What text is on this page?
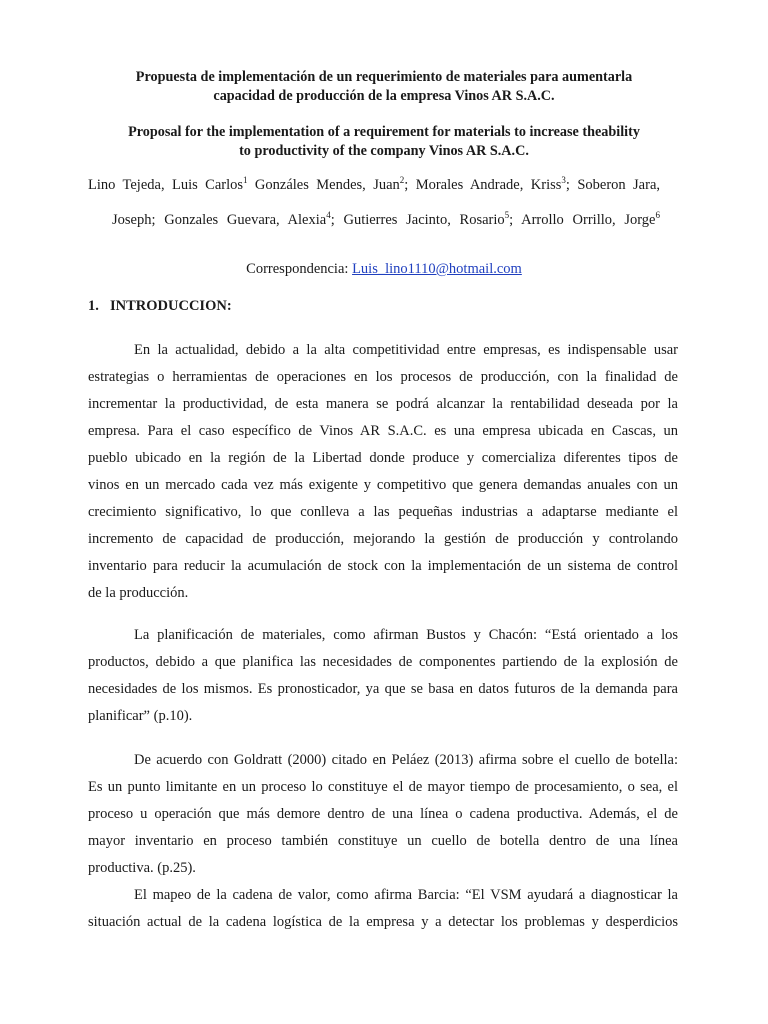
Propuesta de implementación de un requerimiento de materiales para aumentarla
capacidad de producción de la empresa Vinos AR S.A.C.
Proposal for the implementation of a requirement for materials to increase theability
to productivity of the company Vinos AR S.A.C.
Lino Tejeda, Luis Carlos$^1$ Gonzáles Mendes, Juan$^2$; Morales Andrade, Kriss$^3$; Soberon Jara,
Joseph; Gonzales Guevara, Alexia$^4$; Gutierres Jacinto, Rosario$^5$; Arrollo Orrillo, Jorge$^6$
Correspondencia: Luis_lino1110@hotmail.com
1. INTRODUCCION:
En la actualidad, debido a la alta competitividad entre empresas, es indispensable usar
estrategias o herramientas de operaciones en los procesos de producción, con la finalidad de
incrementar la productividad, de esta manera se podrá alcanzar la rentabilidad deseada por la
empresa. Para el caso específico de Vinos AR S.A.C. es una empresa ubicada en Cascas, un
pueblo ubicado en la región de la Libertad donde produce y comercializa diferentes tipos de
vinos en un mercado cada vez más exigente y competitivo que genera demandas anuales con un
crecimiento significativo, lo que conlleva a las pequeñas industrias a adaptarse mediante el
incremento de capacidad de producción, mejorando la gestión de producción y controlando
inventario para reducir la acumulación de stock con la implementación de un sistema de control
de la producción.
La planificación de materiales, como afirman Bustos y Chacón: “Está orientado a los
productos, debido a que planifica las necesidades de componentes partiendo de la explosión de
necesidades de los mismos. Es pronosticador, ya que se basa en datos futuros de la demanda para
planificar” (p.10).
De acuerdo con Goldratt (2000) citado en Peláez (2013) afirma sobre el cuello de botella:
Es un punto limitante en un proceso lo constituye el de mayor tiempo de procesamiento, o sea, el
proceso u operación que más demore dentro de una línea o cadena productiva. Además, el de
mayor inventario en proceso también constituye un cuello de botella dentro de una línea
productiva. (p.25).
El mapeo de la cadena de valor, como afirma Barcia: “El VSM ayudará a diagnosticar la
situación actual de la cadena logística de la empresa y a detectar los problemas y desperdicios
